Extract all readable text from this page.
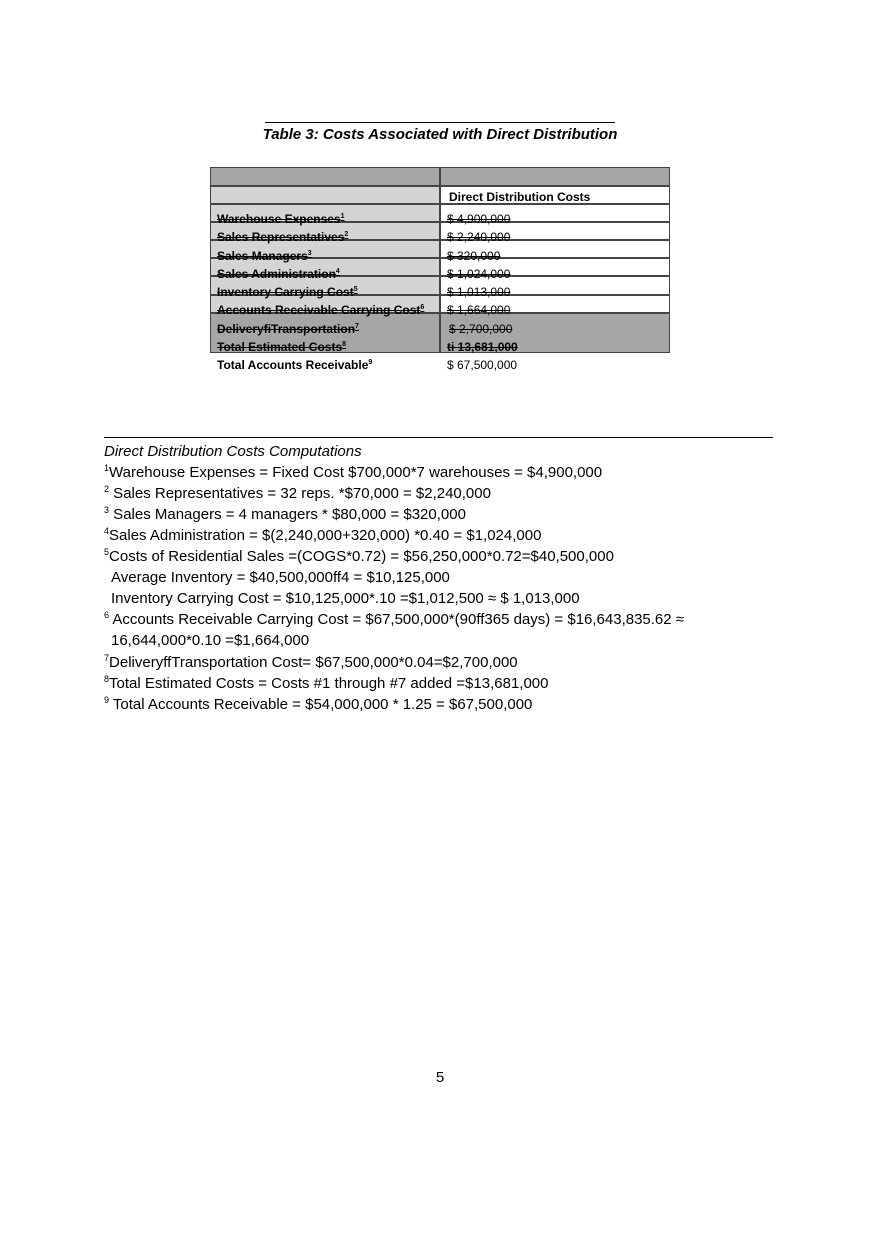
Table 3: Costs Associated with Direct Distribution
Direct Distribution Costs
Warehouse Expenses$^1$	$ 4,900,000
Sales Representatives$^2$	$ 2,240,000
Sales Managers$^3$	$ 320,000
Sales Administration$^4$	$ 1,024,000
Inventory Carrying Cost$^5$	$ 1,013,000
Accounts Receivable Carrying Cost$^6$ $ 1,664,000
DeliveryfiTransportation$^7$	$ 2,700,000
Total Estimated Costs$^8$	ti 13,681,000
Total Accounts Receivable$^9$	$ 67,500,000
Direct Distribution Costs Computations
$^1$Warehouse Expenses = Fixed Cost $700,000*7 warehouses = $4,900,000
$^2$ Sales Representatives = 32 reps. *$70,000 = $2,240,000
$^3$ Sales Managers = 4 managers * $80,000 = $320,000
$^4$Sales Administration = $(2,240,000+320,000) *0.40 = $1,024,000
$^5$Costs of Residential Sales =(COGS*0.72) = $56,250,000*0.72=$40,500,000
Average Inventory = $40,500,000ff4 = $10,125,000
Inventory Carrying Cost = $10,125,000*.10 =$1,012,500 ≈ $ 1,013,000
$^6$ Accounts Receivable Carrying Cost = $67,500,000*(90ff365 days) = $16,643,835.62 ≈
16,644,000*0.10 =$1,664,000
$^7$DeliveryffTransportation Cost= $67,500,000*0.04=$2,700,000
$^8$Total Estimated Costs = Costs #1 through #7 added =$13,681,000
$^9$ Total Accounts Receivable = $54,000,000 * 1.25 = $67,500,000
5
